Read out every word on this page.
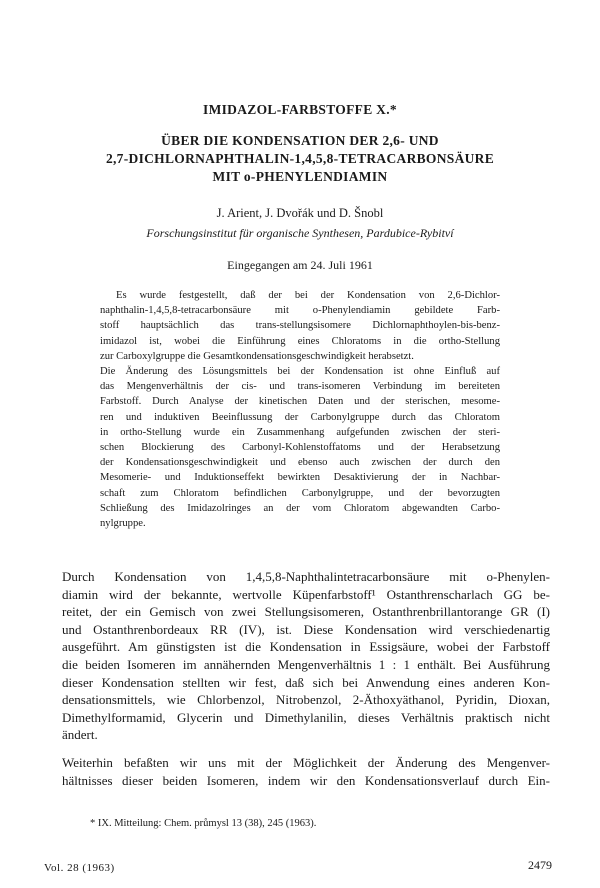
IMIDAZOL-FARBSTOFFE X.*
ÜBER DIE KONDENSATION DER 2,6- UND
2,7-DICHLORNAPHTHALIN-1,4,5,8-TETRACARBONSÄURE
MIT o-PHENYLENDIAMIN
J. Arient, J. Dvořák und D. Šnobl
Forschungsinstitut für organische Synthesen, Pardubice-Rybitví
Eingegangen am 24. Juli 1961
Es wurde festgestellt, daß der bei der Kondensation von 2,6-Dichlor-
naphthalin-1,4,5,8-tetracarbonsäure mit o-Phenylendiamin gebildete Farb-
stoff hauptsächlich das trans-stellungsisomere Dichlornaphthoylen-bis-benz-
imidazol ist, wobei die Einführung eines Chloratoms in die ortho-Stellung
zur Carboxylgruppe die Gesamtkondensationsgeschwindigkeit herabsetzt.
Die Änderung des Lösungsmittels bei der Kondensation ist ohne Einfluß auf
das Mengenverhältnis der cis- und trans-isomeren Verbindung im bereiteten
Farbstoff. Durch Analyse der kinetischen Daten und der sterischen, mesome-
ren und induktiven Beeinflussung der Carbonylgruppe durch das Chloratom
in ortho-Stellung wurde ein Zusammenhang aufgefunden zwischen der steri-
schen Blockierung des Carbonyl-Kohlenstoffatoms und der Herabsetzung
der Kondensationsgeschwindigkeit und ebenso auch zwischen der durch den
Mesomerie- und Induktionseffekt bewirkten Desaktivierung der in Nachbar-
schaft zum Chloratom befindlichen Carbonylgruppe, und der bevorzugten
Schließung des Imidazolringes an der vom Chloratom abgewandten Carbo-
nylgruppe.
Durch Kondensation von 1,4,5,8-Naphthalintetracarbonsäure mit o-Phenylen-
diamin wird der bekannte, wertvolle Küpenfarbstoff¹ Ostanthrenscharlach GG be-
reitet, der ein Gemisch von zwei Stellungsisomeren, Ostanthrenbrillantorange GR (I)
und Ostanthrenbordeaux RR (IV), ist. Diese Kondensation wird verschiedenartig
ausgeführt. Am günstigsten ist die Kondensation in Essigsäure, wobei der Farbstoff
die beiden Isomeren im annähernden Mengenverhältnis 1 : 1 enthält. Bei Ausführung
dieser Kondensation stellten wir fest, daß sich bei Anwendung eines anderen Kon-
densationsmittels, wie Chlorbenzol, Nitrobenzol, 2-Äthoxyäthanol, Pyridin, Dioxan,
Dimethylformamid, Glycerin und Dimethylanilin, dieses Verhältnis praktisch nicht
ändert.
Weiterhin befaßten wir uns mit der Möglichkeit der Änderung des Mengenver-
hältnisses dieser beiden Isomeren, indem wir den Kondensationsverlauf durch Ein-
* IX. Mitteilung: Chem. průmysl 13 (38), 245 (1963).
Vol. 28 (1963)	2479
